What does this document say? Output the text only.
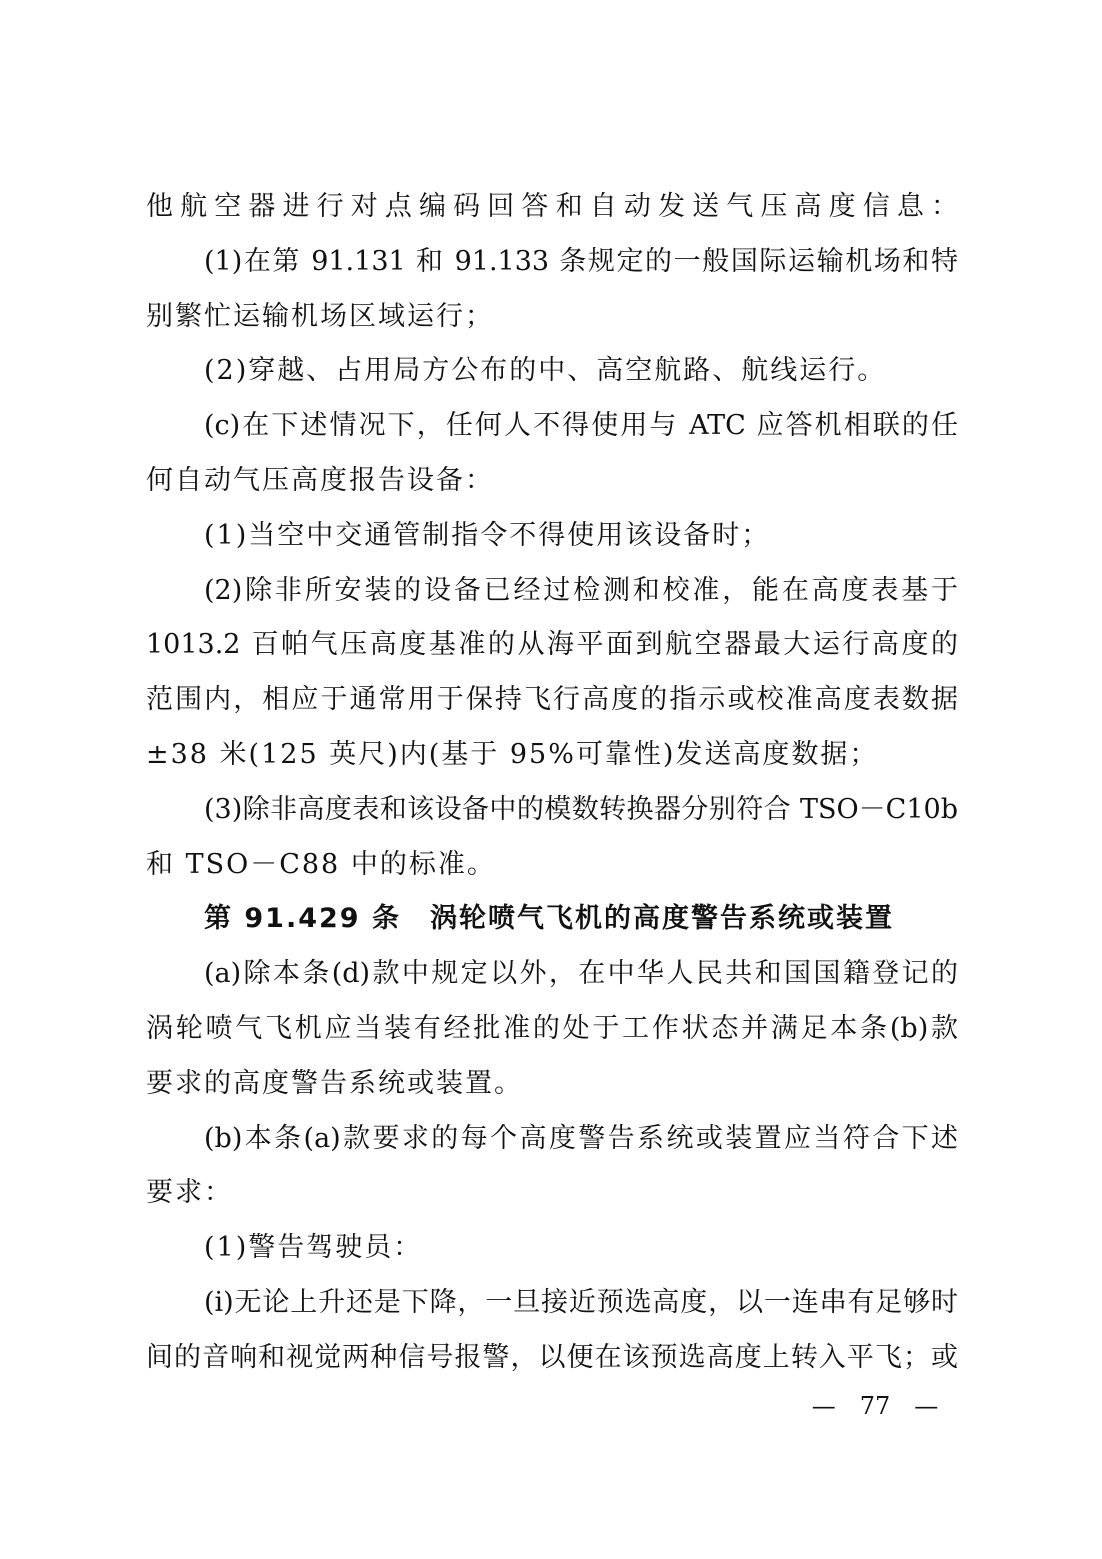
他航空器进行对点编码回答和自动发送气压高度信息：
(1)在第 91.131 和 91.133 条规定的一般国际运输机场和特
别繁忙运输机场区域运行；
(2)穿越、占用局方公布的中、高空航路、航线运行。
(c)在下述情况下，任何人不得使用与 ATC 应答机相联的任
何自动气压高度报告设备：
(1)当空中交通管制指令不得使用该设备时；
(2)除非所安装的设备已经过检测和校准，能在高度表基于
1013.2 百帕气压高度基准的从海平面到航空器最大运行高度的
范围内，相应于通常用于保持飞行高度的指示或校准高度表数据
±38 米(125 英尺)内(基于 95%可靠性)发送高度数据；
(3)除非高度表和该设备中的模数转换器分别符合 TSO－C10b
和 TSO－C88 中的标准。
第 91.429 条　涡轮喷气飞机的高度警告系统或装置
(a)除本条(d)款中规定以外，在中华人民共和国国籍登记的
涡轮喷气飞机应当装有经批准的处于工作状态并满足本条(b)款
要求的高度警告系统或装置。
(b)本条(a)款要求的每个高度警告系统或装置应当符合下述
要求：
(1)警告驾驶员：
(i)无论上升还是下降，一旦接近预选高度，以一连串有足够时
间的音响和视觉两种信号报警，以便在该预选高度上转入平飞；或
—　77　—
